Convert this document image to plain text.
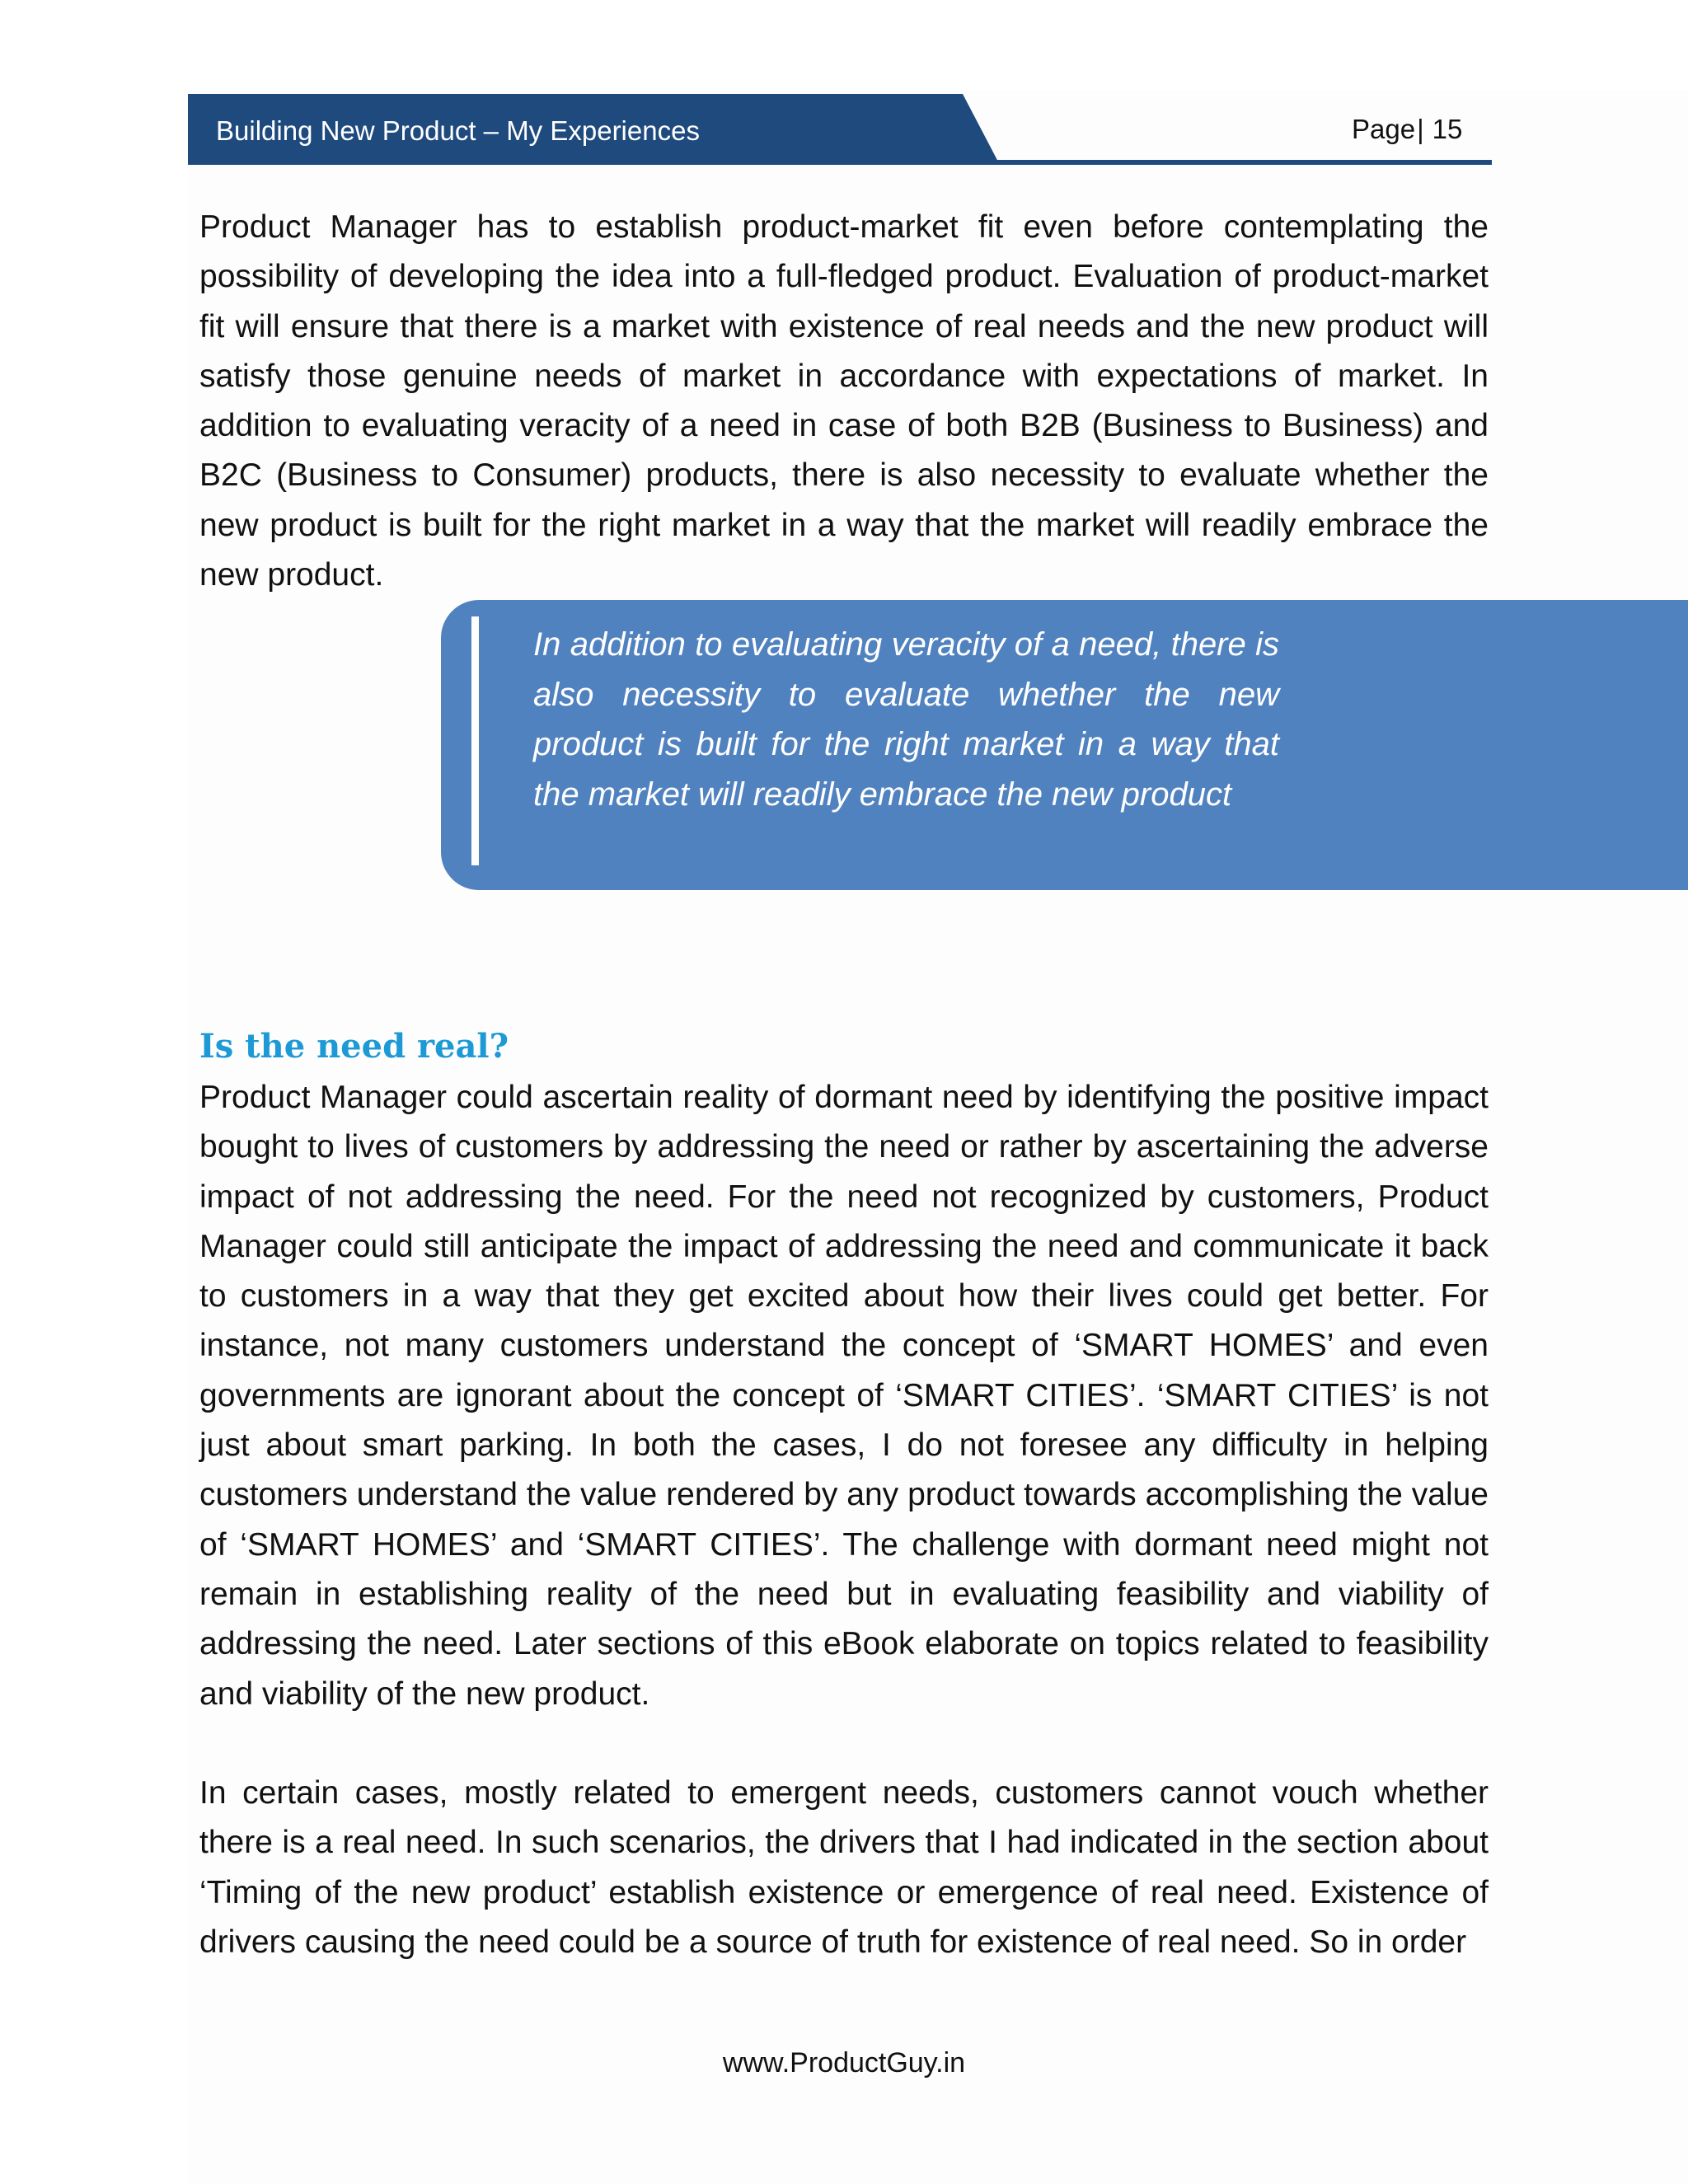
Building New Product – My Experiences	Page| 15

Product Manager has to establish product-market fit even before contemplating the possibility of developing the idea into a full-fledged product. Evaluation of product-market fit will ensure that there is a market with existence of real needs and the new product will satisfy those genuine needs of market in accordance with expectations of market. In addition to evaluating veracity of a need in case of both B2B (Business to Business) and B2C (Business to Consumer) products, there is also necessity to evaluate whether the new product is built for the right market in a way that the market will readily embrace the new product.

In addition to evaluating veracity of a need, there is also necessity to evaluate whether the new product is built for the right market in a way that the market will readily embrace the new product

Is the need real?

Product Manager could ascertain reality of dormant need by identifying the positive impact bought to lives of customers by addressing the need or rather by ascertaining the adverse impact of not addressing the need. For the need not recognized by customers, Product Manager could still anticipate the impact of addressing the need and communicate it back to customers in a way that they get excited about how their lives could get better. For instance, not many customers understand the concept of ‘SMART HOMES’ and even governments are ignorant about the concept of ‘SMART CITIES’. ‘SMART CITIES’ is not just about smart parking. In both the cases, I do not foresee any difficulty in helping customers understand the value rendered by any product towards accomplishing the value of ‘SMART HOMES’ and ‘SMART CITIES’. The challenge with dormant need might not remain in establishing reality of the need but in evaluating feasibility and viability of addressing the need. Later sections of this eBook elaborate on topics related to feasibility and viability of the new product.

In certain cases, mostly related to emergent needs, customers cannot vouch whether there is a real need. In such scenarios, the drivers that I had indicated in the section about ‘Timing of the new product’ establish existence or emergence of real need. Existence of drivers causing the need could be a source of truth for existence of real need. So in order

www.ProductGuy.in
